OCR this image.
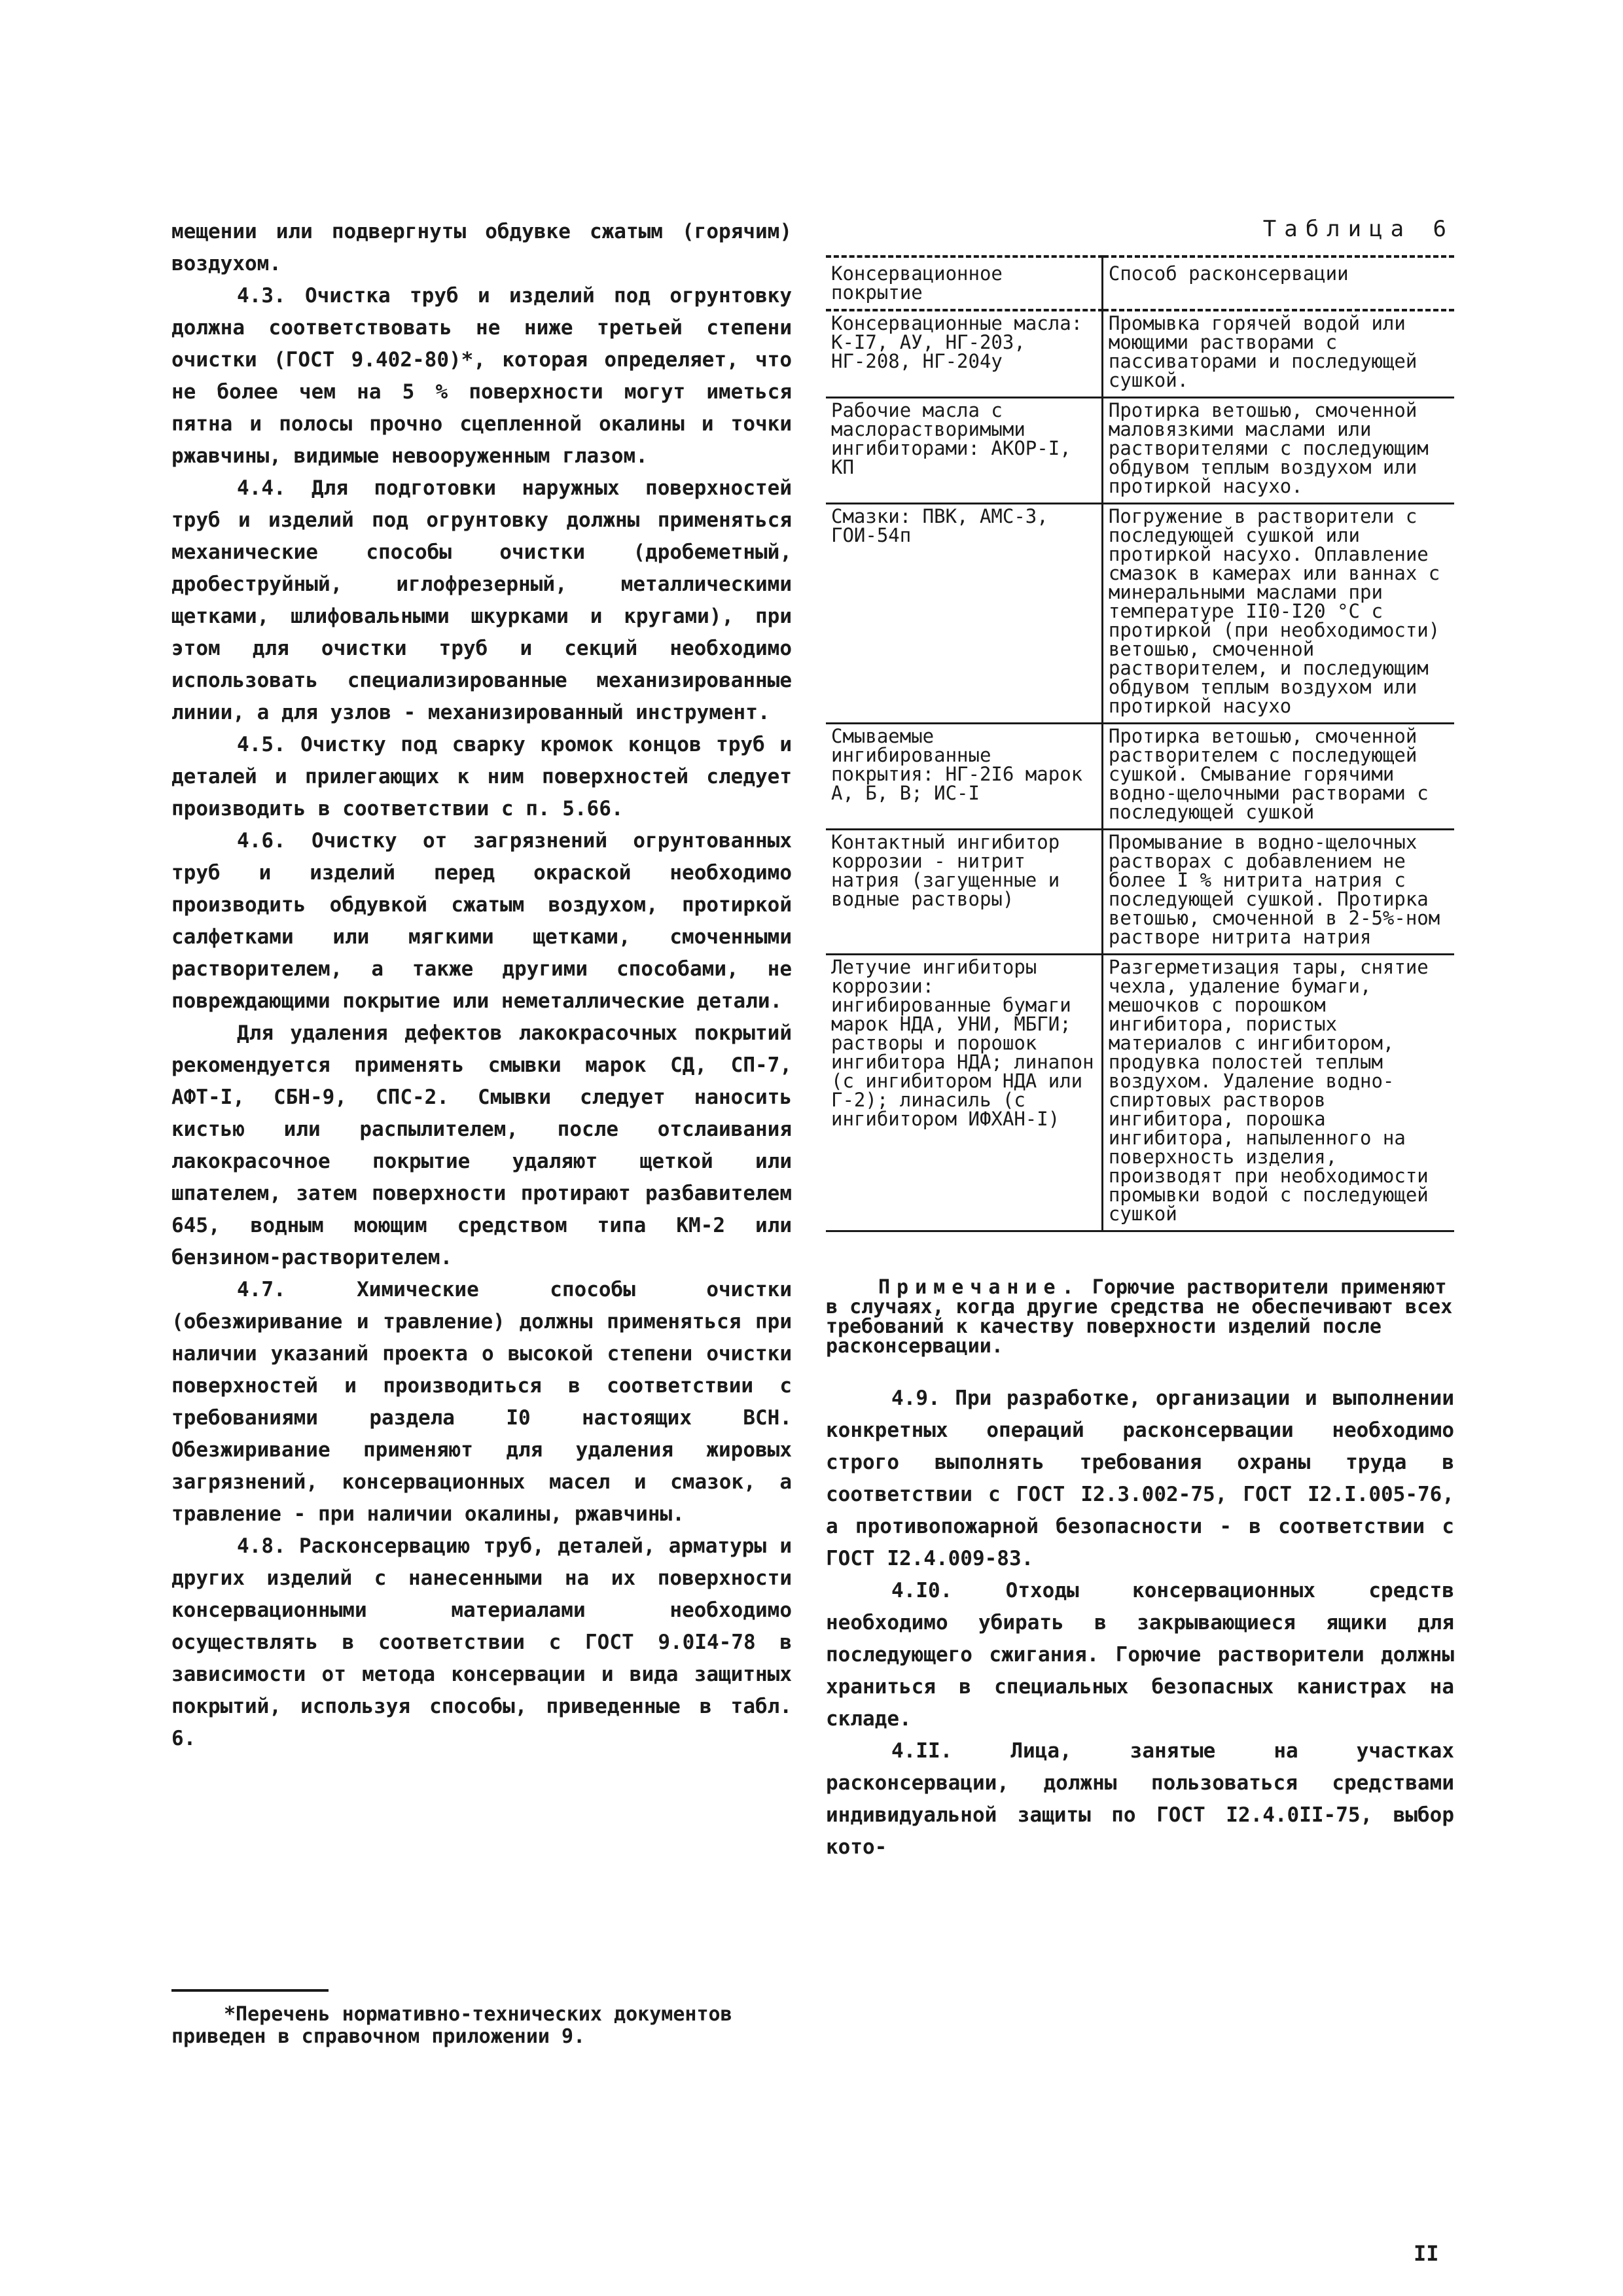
мещении или подвергнуты обдувке сжатым (горячим) воздухом.

4.3. Очистка труб и изделий под огрунтовку должна соответствовать не ниже третьей степени очистки (ГОСТ 9.402-80)*, которая определяет, что не более чем на 5 % поверхности могут иметься пятна и полосы прочно сцепленной окалины и точки ржавчины, видимые невооруженным глазом.

4.4. Для подготовки наружных поверхностей труб и изделий под огрунтовку должны применяться механические способы очистки (дробеметный, дробеструйный, иглофрезерный, металлическими щетками, шлифовальными шкурками и кругами), при этом для очистки труб и секций необходимо использовать специализированные механизированные линии, а для узлов - механизированный инструмент.

4.5. Очистку под сварку кромок концов труб и деталей и прилегающих к ним поверхностей следует производить в соответствии с п. 5.66.

4.6. Очистку от загрязнений огрунтованных труб и изделий перед окраской необходимо производить обдувкой сжатым воздухом, протиркой салфетками или мягкими щетками, смоченными растворителем, а также другими способами, не повреждающими покрытие или неметаллические детали.

Для удаления дефектов лакокрасочных покрытий рекомендуется применять смывки марок СД, СП-7, АФТ-I, СБН-9, СПС-2. Смывки следует наносить кистью или распылителем, после отслаивания лакокрасочное покрытие удаляют щеткой или шпателем, затем поверхности протирают разбавителем 645, водным моющим средством типа КМ-2 или бензином-растворителем.

4.7. Химические способы очистки (обезжиривание и травление) должны применяться при наличии указаний проекта о высокой степени очистки поверхностей и производиться в соответствии с требованиями раздела I0 настоящих ВСН. Обезжиривание применяют для удаления жировых загрязнений, консервационных масел и смазок, а травление - при наличии окалины, ржавчины.

4.8. Расконсервацию труб, деталей, арматуры и других изделий с нанесенными на их поверхности консервационными материалами необходимо осуществлять в соответствии с ГОСТ 9.0I4-78 в зависимости от метода консервации и вида защитных покрытий, используя способы, приведенные в табл. 6.

*Перечень нормативно-технических документов приведен в справочном приложении 9.

Таблица 6

Консервационное покрытие	Способ расконсервации
Консервационные масла: К-I7, АУ, НГ-203, НГ-208, НГ-204у	Промывка горячей водой или моющими растворами с пассиваторами и последующей сушкой.
Рабочие масла с маслорастворимыми ингибиторами: АКОР-I, КП	Протирка ветошью, смоченной маловязкими маслами или растворителями с последующим обдувом теплым воздухом или протиркой насухо.
Смазки: ПВК, АМС-3, ГОИ-54п	Погружение в растворители с последующей сушкой или протиркой насухо. Оплавление смазок в камерах или ваннах с минеральными маслами при температуре II0-I20 °С с протиркой (при необходимости) ветошью, смоченной растворителем, и последующим обдувом теплым воздухом или протиркой насухо
Смываемые ингибированные покрытия: НГ-2I6 марок А, Б, В; ИС-I	Протирка ветошью, смоченной растворителем с последующей сушкой. Смывание горячими водно-щелочными растворами с последующей сушкой
Контактный ингибитор коррозии - нитрит натрия (загущенные и водные растворы)	Промывание в водно-щелочных растворах с добавлением не более I % нитрита натрия с последующей сушкой. Протирка ветошью, смоченной в 2-5%-ном растворе нитрита натрия
Летучие ингибиторы коррозии: ингибированные бумаги марок НДА, УНИ, МБГИ; растворы и порошок ингибитора НДА; линапон (с ингибитором НДА или Г-2); линасиль (с ингибитором ИФХАН-I)	Разгерметизация тары, снятие чехла, удаление бумаги, мешочков с порошком ингибитора, пористых материалов с ингибитором, продувка полостей теплым воздухом. Удаление водно-спиртовых растворов ингибитора, порошка ингибитора, напыленного на поверхность изделия, производят при необходимости промывки водой с последующей сушкой

Примечание. Горючие растворители применяют в случаях, когда другие средства не обеспечивают всех требований к качеству поверхности изделий после расконсервации.

4.9. При разработке, организации и выполнении конкретных операций расконсервации необходимо строго выполнять требования охраны труда в соответствии с ГОСТ I2.3.002-75, ГОСТ I2.I.005-76, а противопожарной безопасности - в соответствии с ГОСТ I2.4.009-83.

4.I0. Отходы консервационных средств необходимо убирать в закрывающиеся ящики для последующего сжигания. Горючие растворители должны храниться в специальных безопасных канистрах на складе.

4.II. Лица, занятые на участках расконсервации, должны пользоваться средствами индивидуальной защиты по ГОСТ I2.4.0II-75, выбор кото-

II
